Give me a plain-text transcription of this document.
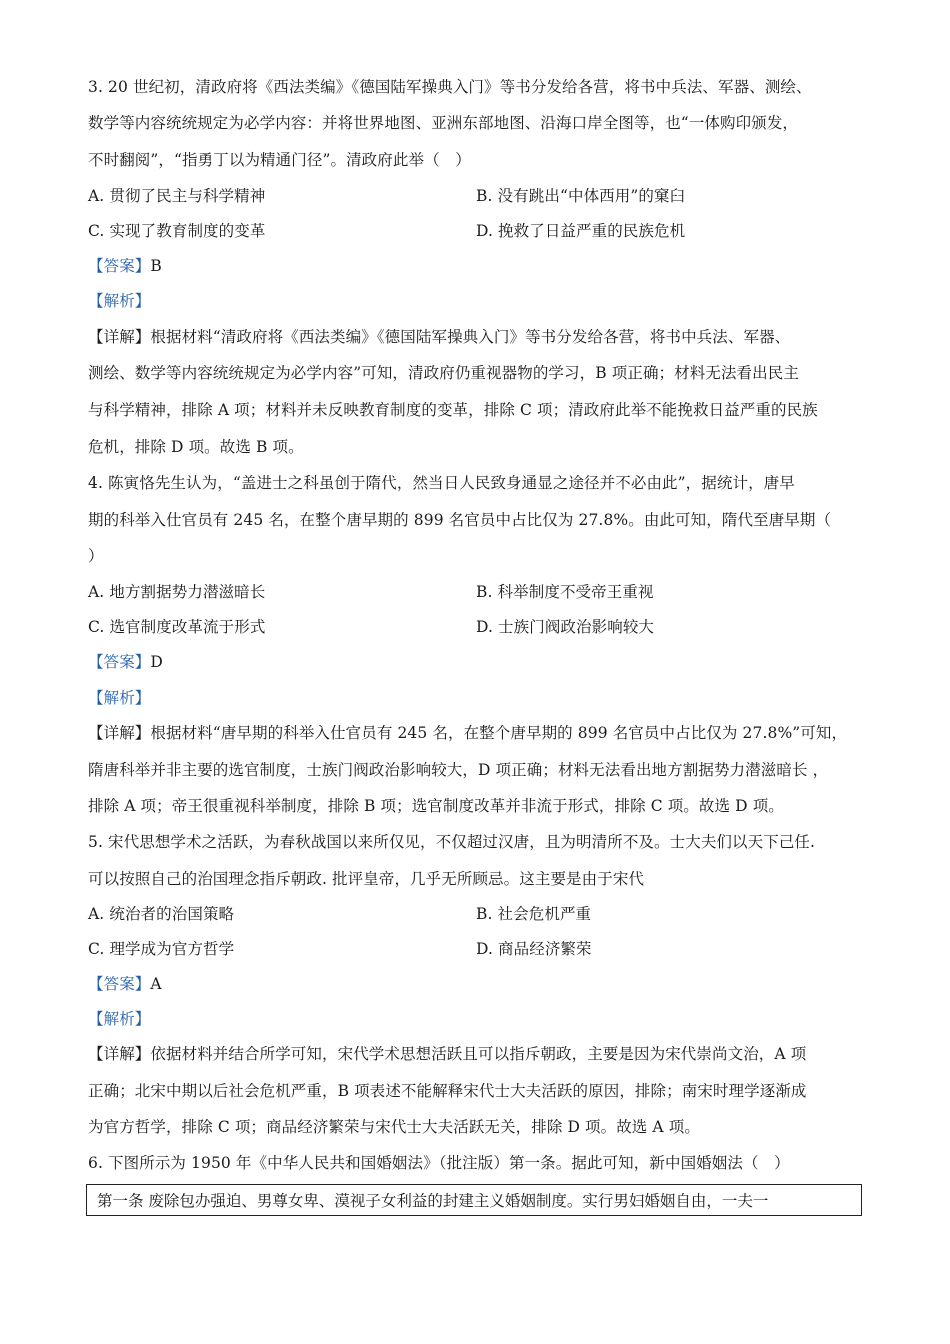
3. 20 世纪初，清政府将《西法类编》《德国陆军操典入门》等书分发给各营，将书中兵法、军器、测绘、
数学等内容统统规定为必学内容：并将世界地图、亚洲东部地图、沿海口岸全图等，也“一体购印颁发，
不时翻阅”，“指勇丁以为精通门径”。清政府此举（　）
A. 贯彻了民主与科学精神	B. 没有跳出“中体西用”的窠臼
C. 实现了教育制度的变革	D. 挽救了日益严重的民族危机
【答案】B
【解析】
【详解】根据材料“清政府将《西法类编》《德国陆军操典入门》等书分发给各营，将书中兵法、军器、
测绘、数学等内容统统规定为必学内容”可知，清政府仍重视器物的学习，B 项正确；材料无法看出民主
与科学精神，排除 A 项；材料并未反映教育制度的变革，排除 C 项；清政府此举不能挽救日益严重的民族
危机，排除 D 项。故选 B 项。
4. 陈寅恪先生认为，“盖进士之科虽创于隋代，然当日人民致身通显之途径并不必由此”，据统计，唐早
期的科举入仕官员有 245 名，在整个唐早期的 899 名官员中占比仅为 27.8%。由此可知，隋代至唐早期（
）
A. 地方割据势力潜滋暗长	B. 科举制度不受帝王重视
C. 选官制度改革流于形式	D. 士族门阀政治影响较大
【答案】D
【解析】
【详解】根据材料“唐早期的科举入仕官员有 245 名，在整个唐早期的 899 名官员中占比仅为 27.8%”可知，
隋唐科举并非主要的选官制度，士族门阀政治影响较大，D 项正确；材料无法看出地方割据势力潜滋暗长 ，
排除 A 项；帝王很重视科举制度，排除 B 项；选官制度改革并非流于形式，排除 C 项。故选 D 项。
5. 宋代思想学术之活跃，为春秋战国以来所仅见，不仅超过汉唐，且为明清所不及。士大夫们以天下己任.
可以按照自己的治国理念指斥朝政. 批评皇帝，几乎无所顾忌。这主要是由于宋代
A. 统治者的治国策略	B. 社会危机严重
C. 理学成为官方哲学	D. 商品经济繁荣
【答案】A
【解析】
【详解】依据材料并结合所学可知，宋代学术思想活跃且可以指斥朝政，主要是因为宋代崇尚文治，A 项
正确；北宋中期以后社会危机严重，B 项表述不能解释宋代士大夫活跃的原因，排除；南宋时理学逐渐成
为官方哲学，排除 C 项；商品经济繁荣与宋代士大夫活跃无关，排除 D 项。故选 A 项。
6. 下图所示为 1950 年《中华人民共和国婚姻法》（批注版）第一条。据此可知，新中国婚姻法（　）
第一条 废除包办强迫、男尊女卑、漠视子女利益的封建主义婚姻制度。实行男妇婚姻自由，一夫一
